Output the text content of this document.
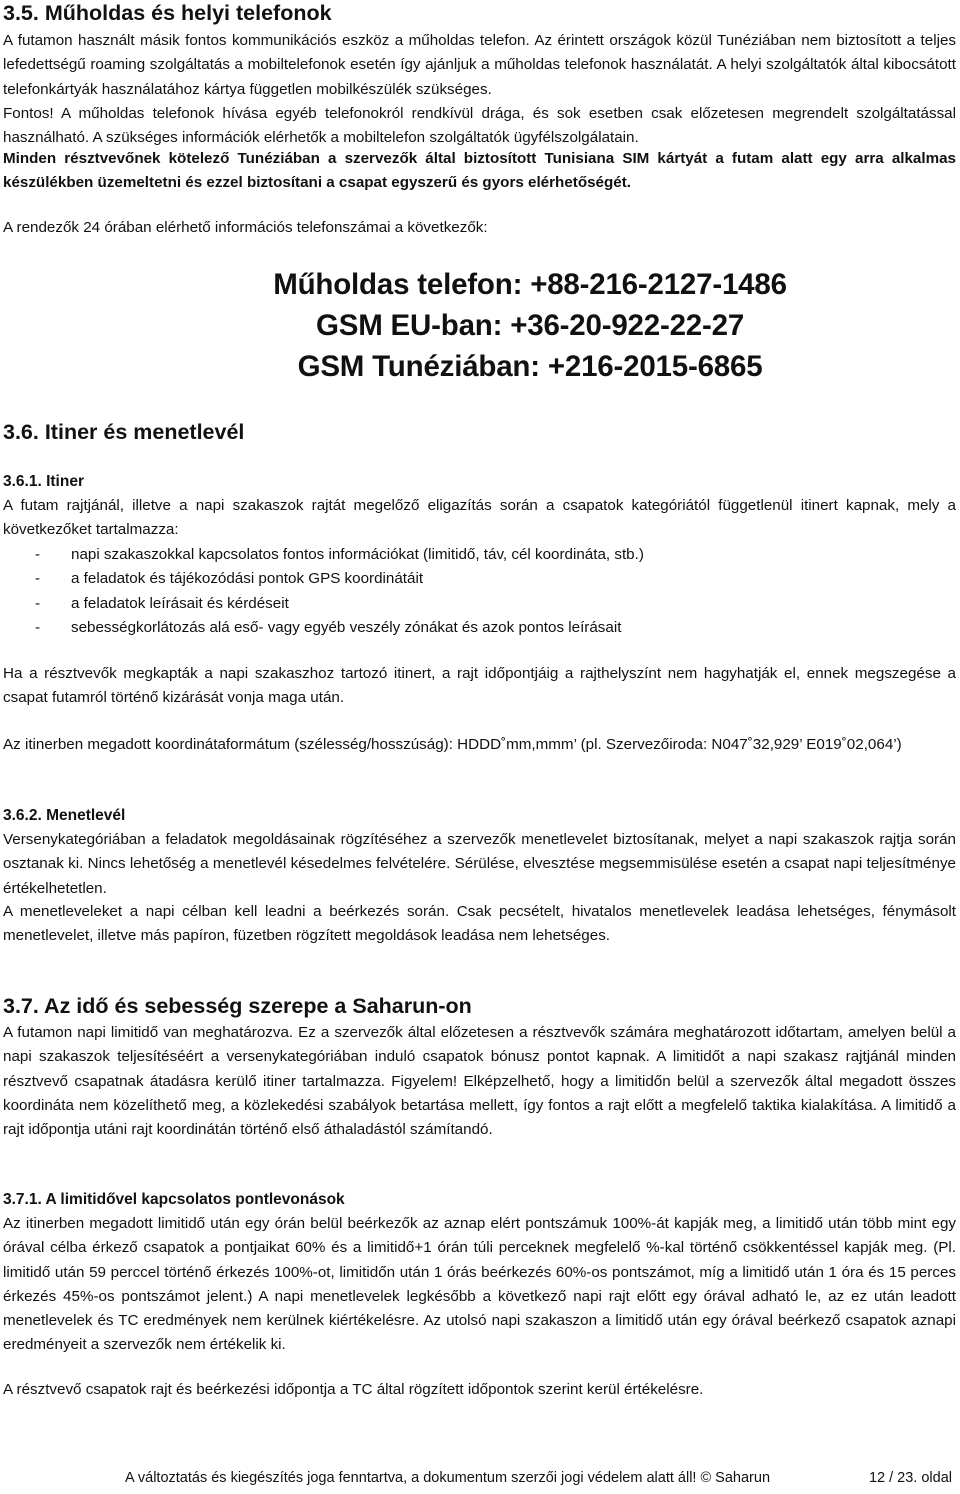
3.5. Műholdas és helyi telefonok

A futamon használt másik fontos kommunikációs eszköz a műholdas telefon. Az érintett országok közül Tunéziában nem biztosított a teljes lefedettségű roaming szolgáltatás a mobiltelefonok esetén így ajánljuk a műholdas telefonok használatát. A helyi szolgáltatók által kibocsátott telefonkártyák használatához kártya független mobilkészülék szükséges.

Fontos! A műholdas telefonok hívása egyéb telefonokról rendkívül drága, és sok esetben csak előzetesen megrendelt szolgáltatással használható. A szükséges információk elérhetők a mobiltelefon szolgáltatók ügyfélszolgálatain.

Minden résztvevőnek kötelező Tunéziában a szervezők által biztosított Tunisiana SIM kártyát a futam alatt egy arra alkalmas készülékben üzemeltetni és ezzel biztosítani a csapat egyszerű és gyors elérhetőségét.

A rendezők 24 órában elérhető információs telefonszámai a következők:

Műholdas telefon: +88-216-2127-1486
GSM EU-ban: +36-20-922-22-27
GSM Tunéziában: +216-2015-6865
3.6. Itiner és menetlevél
3.6.1. Itiner

A futam rajtjánál, illetve a napi szakaszok rajtát megelőző eligazítás során a csapatok kategóriától függetlenül itinert kapnak, mely a következőket tartalmazza:

- napi szakaszokkal kapcsolatos fontos információkat (limitidő, táv, cél koordináta, stb.)
- a feladatok és tájékozódási pontok GPS koordinátáit
- a feladatok leírásait és kérdéseit
- sebességkorlátozás alá eső- vagy egyéb veszély zónákat és azok pontos leírásait

Ha a résztvevők megkapták a napi szakaszhoz tartozó itinert, a rajt időpontjáig a rajthelyszínt nem hagyhatják el, ennek megszegése a csapat futamról történő kizárását vonja maga után.

Az itinerben megadott koordinátaformátum (szélesség/hosszúság): HDDD˚mm,mmm’ (pl. Szervezőiroda: N047˚32,929’ E019˚02,064’)

3.6.2. Menetlevél

Versenykategóriában a feladatok megoldásainak rögzítéséhez a szervezők menetlevelet biztosítanak, melyet a napi szakaszok rajtja során osztanak ki. Nincs lehetőség a menetlevél késedelmes felvételére. Sérülése, elvesztése megsemmisülése esetén a csapat napi teljesítménye értékelhetetlen.

A menetleveleket a napi célban kell leadni a beérkezés során. Csak pecsételt, hivatalos menetlevelek leadása lehetséges, fénymásolt menetlevelet, illetve más papíron, füzetben rögzített megoldások leadása nem lehetséges.

3.7. Az idő és sebesség szerepe a Saharun-on

A futamon napi limitidő van meghatározva. Ez a szervezők által előzetesen a résztvevők számára meghatározott időtartam, amelyen belül a napi szakaszok teljesítéséért a versenykategóriában induló csapatok bónusz pontot kapnak. A limitidőt a napi szakasz rajtjánál minden résztvevő csapatnak átadásra kerülő itiner tartalmazza. Figyelem! Elképzelhető, hogy a limitidőn belül a szervezők által megadott összes koordináta nem közelíthető meg, a közlekedési szabályok betartása mellett, így fontos a rajt előtt a megfelelő taktika kialakítása. A limitidő a rajt időpontja utáni rajt koordinátán történő első áthaladástól számítandó.

3.7.1. A limitidővel kapcsolatos pontlevonások

Az itinerben megadott limitidő után egy órán belül beérkezők az aznap elért pontszámuk 100%-át kapják meg, a limitidő után több mint egy órával célba érkező csapatok a pontjaikat 60% és a limitidő+1 órán túli perceknek megfelelő %-kal történő csökkentéssel kapják meg. (Pl. limitidő után 59 perccel történő érkezés 100%-ot, limitidőn után 1 órás beérkezés 60%-os pontszámot, míg a limitidő után 1 óra és 15 perces érkezés 45%-os pontszámot jelent.) A napi menetlevelek legkésőbb a következő napi rajt előtt egy órával adható le, az ez után leadott menetlevelek és TC eredmények nem kerülnek kiértékelésre. Az utolsó napi szakaszon a limitidő után egy órával beérkező csapatok aznapi eredményeit a szervezők nem értékelik ki.

A résztvevő csapatok rajt és beérkezési időpontja a TC által rögzített időpontok szerint kerül értékelésre.

A változtatás és kiegészítés joga fenntartva, a dokumentum szerzői jogi védelem alatt áll! © Saharun	12 / 23. oldal
